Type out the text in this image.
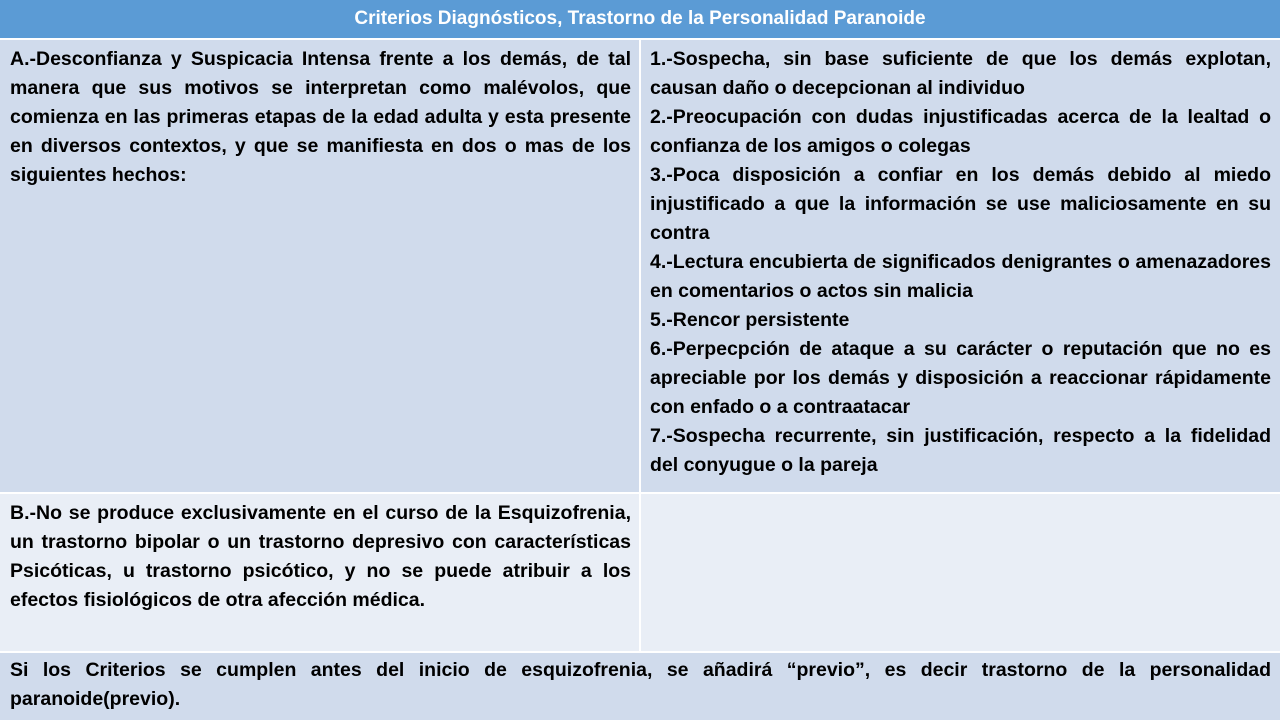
Criterios Diagnósticos, Trastorno de la Personalidad Paranoide
A.-Desconfianza y Suspicacia Intensa frente a los demás, de tal manera que sus motivos se interpretan como malévolos, que comienza en las primeras etapas de la edad adulta y esta presente en diversos contextos, y que se manifiesta en dos o mas de los siguientes hechos:
1.-Sospecha, sin base suficiente de que los demás explotan, causan daño o decepcionan al individuo
2.-Preocupación con dudas injustificadas acerca de la lealtad o confianza de los amigos o colegas
3.-Poca disposición a confiar en los demás debido al miedo injustificado a que la información se use maliciosamente en su contra
4.-Lectura encubierta de significados denigrantes o amenazadores en comentarios o actos sin malicia
5.-Rencor persistente
6.-Perpecpción de ataque a su carácter o reputación que no es apreciable por los demás y disposición a reaccionar rápidamente con enfado o a contraatacar
7.-Sospecha recurrente, sin justificación, respecto a la fidelidad del conyugue o la pareja
B.-No se produce exclusivamente en el curso de la Esquizofrenia, un trastorno bipolar o un trastorno depresivo con características Psicóticas, u trastorno psicótico, y no se puede atribuir a los efectos fisiológicos de otra afección médica.
Si los Criterios se cumplen antes del inicio de esquizofrenia, se añadirá “previo”, es decir trastorno de la personalidad paranoide(previo).
